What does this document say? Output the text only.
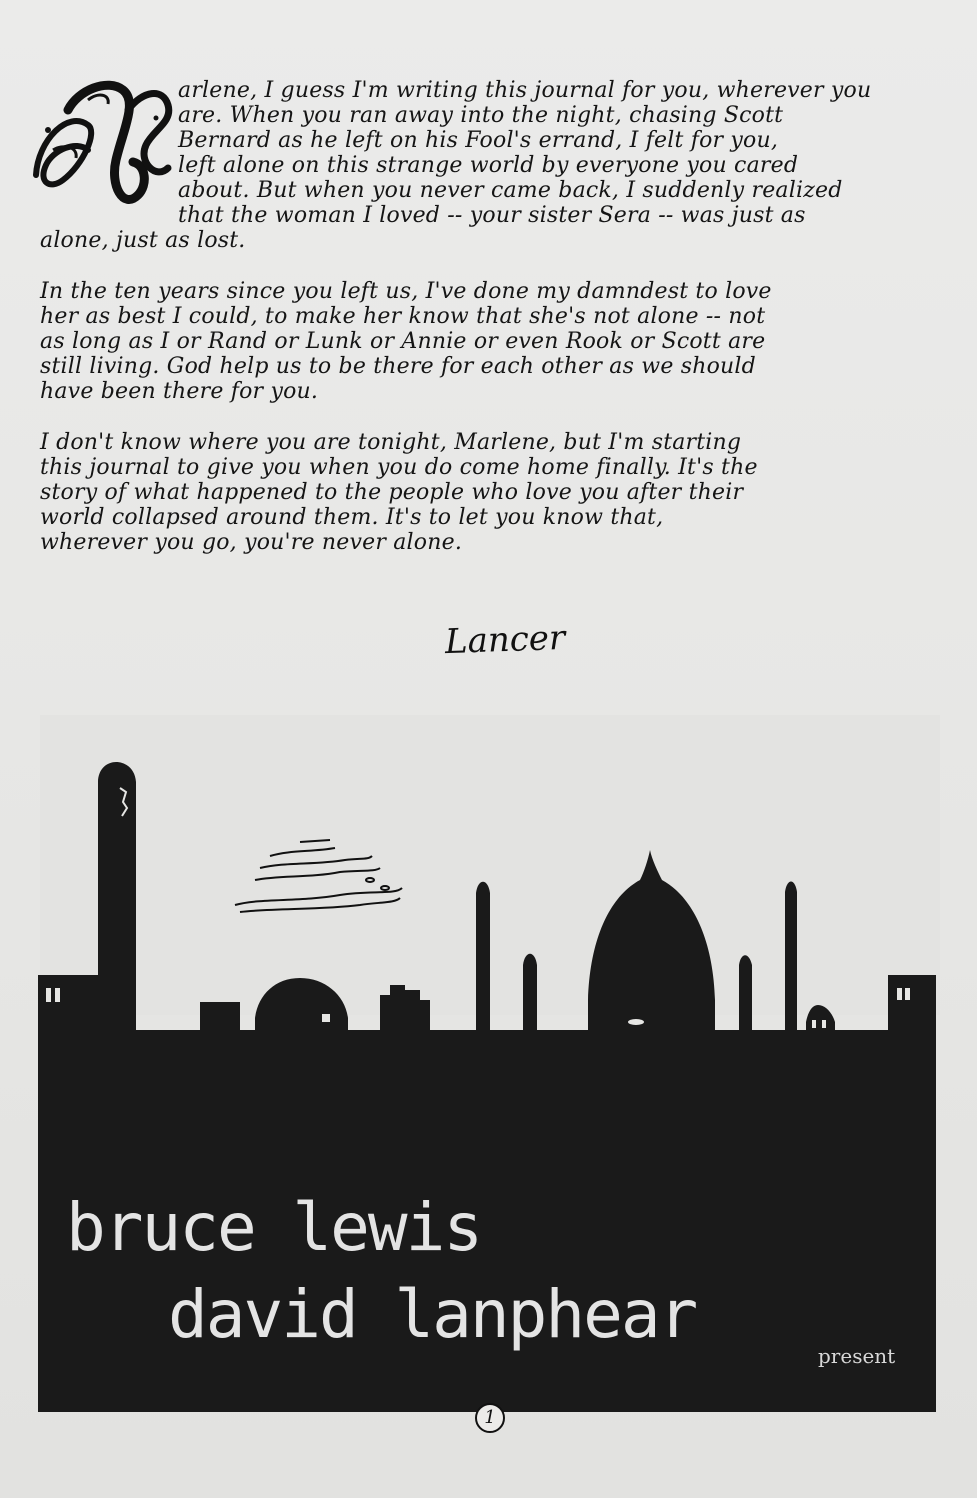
arlene, I guess I'm writing this journal for you, wherever you
are. When you ran away into the night, chasing Scott
Bernard as he left on his Fool's errand, I felt for you,
left alone on this strange world by everyone you cared
about. But when you never came back, I suddenly realized
that the woman I loved -- your sister Sera -- was just as
alone, just as lost.
In the ten years since you left us, I've done my damndest to love
her as best I could, to make her know that she's not alone -- not
as long as I or Rand or Lunk or Annie or even Rook or Scott are
still living. God help us to be there for each other as we should
have been there for you.
I don't know where you are tonight, Marlene, but I'm starting
this journal to give you when you do come home finally. It's the
story of what happened to the people who love you after their
world collapsed around them. It's to let you know that,
wherever you go, you're never alone.
Lancer
bruce lewis
david lanphear
present
1
